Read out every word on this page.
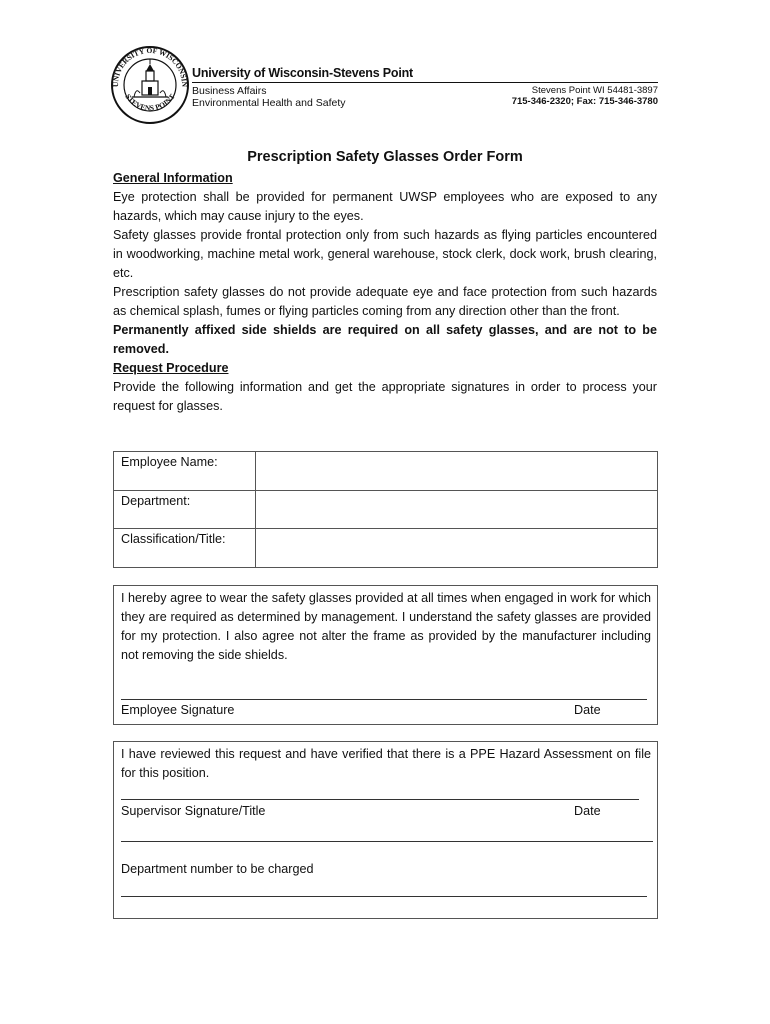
UNIVERSITY OF WISCONSIN
STEVENS POINT
University of Wisconsin-Stevens Point
Business Affairs
Environmental Health and Safety
Stevens Point WI 54481-3897
715-346-2320; Fax: 715-346-3780
Prescription Safety Glasses Order Form

General Information

Eye protection shall be provided for permanent UWSP employees who are exposed to any hazards, which may cause injury to the eyes.

Safety glasses provide frontal protection only from such hazards as flying particles encountered in woodworking, machine metal work, general warehouse, stock clerk, dock work, brush clearing, etc.

Prescription safety glasses do not provide adequate eye and face protection from such hazards as chemical splash, fumes or flying particles coming from any direction other than the front.

Permanently affixed side shields are required on all safety glasses, and are not to be removed.

Request Procedure

Provide the following information and get the appropriate signatures in order to process your request for glasses.

Employee Name:
Department:
Classification/Title:
I hereby agree to wear the safety glasses provided at all times when engaged in work for which they are required as determined by management. I understand the safety glasses are provided for my protection. I also agree not alter the frame as provided by the manufacturer including not removing the side shields.
Employee Signature	Date
I have reviewed this request and have verified that there is a PPE Hazard Assessment on file for this position.
Supervisor Signature/Title	Date
Department number to be charged
